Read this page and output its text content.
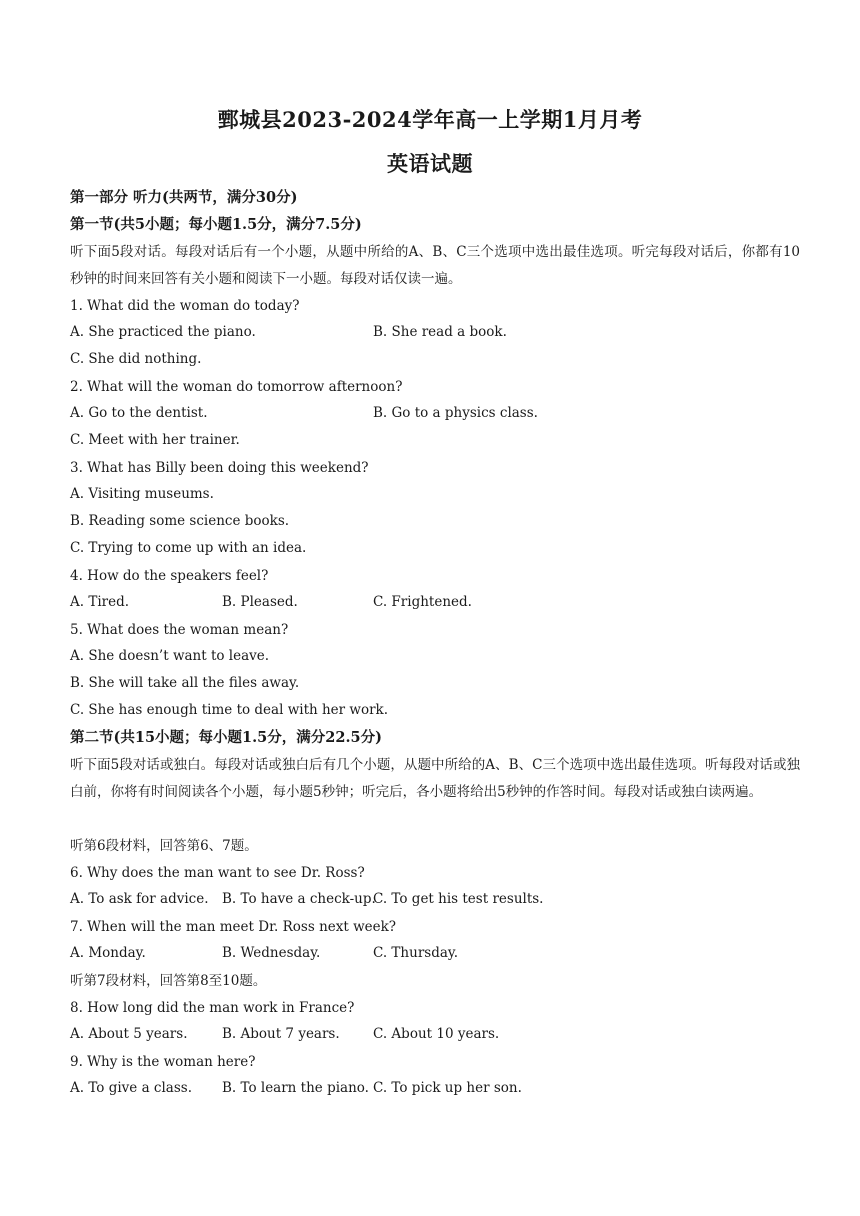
鄄城县2023-2024学年高一上学期1月月考
英语试题
第一部分 听力(共两节，满分30分)
第一节(共5小题；每小题1.5分，满分7.5分)
听下面5段对话。每段对话后有一个小题，从题中所给的A、B、C三个选项中选出最佳选项。听完每段对话后，你都有10秒钟的时间来回答有关小题和阅读下一小题。每段对话仅读一遍。
1. What did the woman do today?
A. She practiced the piano.	B. She read a book.
C. She did nothing.
2. What will the woman do tomorrow afternoon?
A. Go to the dentist.	B. Go to a physics class.
C. Meet with her trainer.
3. What has Billy been doing this weekend?
A. Visiting museums.
B. Reading some science books.
C. Trying to come up with an idea.
4. How do the speakers feel?
A. Tired.	B. Pleased.	C. Frightened.
5. What does the woman mean?
A. She doesn’t want to leave.
B. She will take all the files away.
C. She has enough time to deal with her work.
第二节(共15小题；每小题1.5分，满分22.5分)
听下面5段对话或独白。每段对话或独白后有几个小题，从题中所给的A、B、C三个选项中选出最佳选项。听每段对话或独白前，你将有时间阅读各个小题，每小题5秒钟；听完后，各小题将给出5秒钟的作答时间。每段对话或独白读两遍。
听第6段材料，回答第6、7题。
6. Why does the man want to see Dr. Ross?
A. To ask for advice. B. To have a check-up.
C. To get his test results.
7. When will the man meet Dr. Ross next week?
A. Monday.	B. Wednesday.	C. Thursday.
听第7段材料，回答第8至10题。
8. How long did the man work in France?
A. About 5 years.	B. About 7 years. C. About 10 years.
9. Why is the woman here?
A. To give a class. B. To learn the piano. C. To pick up her son.
